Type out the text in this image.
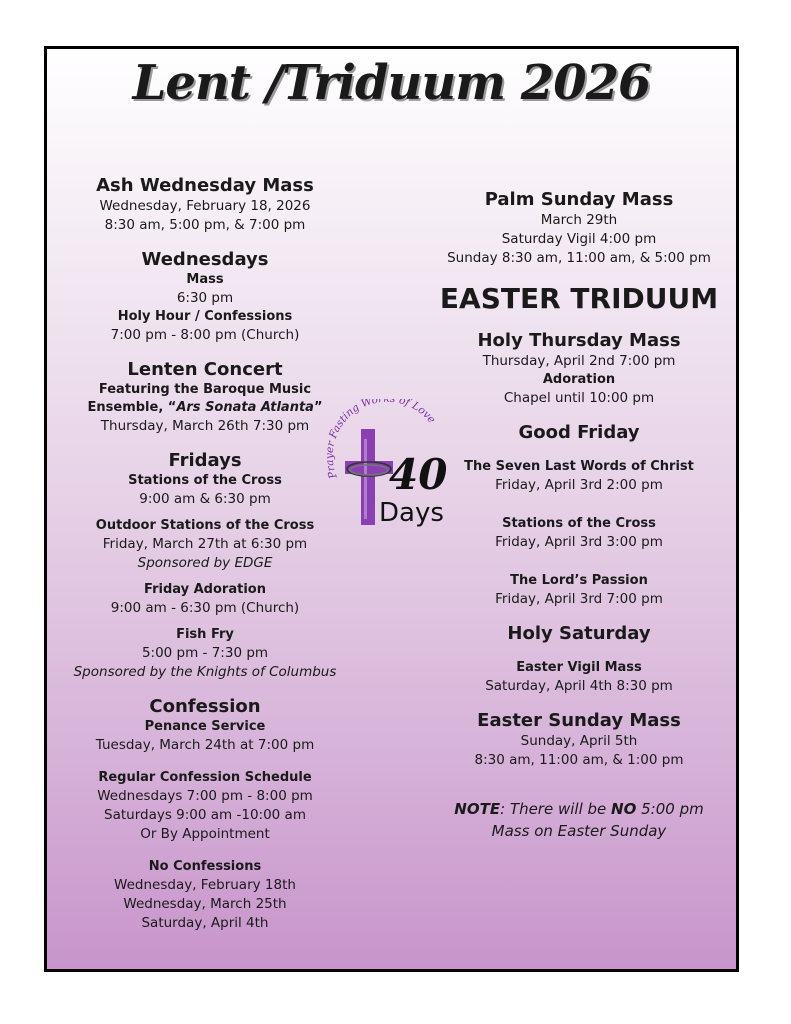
Lent /Triduum 2026

Ash Wednesday Mass

Wednesday, February 18, 2026

8:30 am, 5:00 pm, & 7:00 pm

Wednesdays

Mass

6:30 pm

Holy Hour / Confessions

7:00 pm - 8:00 pm (Church)

Lenten Concert

Featuring the Baroque Music

Ensemble, “Ars Sonata Atlanta”

Thursday, March 26th 7:30 pm

Fridays

Stations of the Cross

9:00 am & 6:30 pm

Outdoor Stations of the Cross

Friday, March 27th at 6:30 pm

Sponsored by EDGE

Friday Adoration

9:00 am - 6:30 pm (Church)

Fish Fry

5:00 pm - 7:30 pm

Sponsored by the Knights of Columbus

Confession

Penance Service

Tuesday, March 24th at 7:00 pm

Regular Confession Schedule

Wednesdays 7:00 pm - 8:00 pm

Saturdays 9:00 am -10:00 am

Or By Appointment

No Confessions

Wednesday, February 18th

Wednesday, March 25th

Saturday, April 4th

P Fasting Wor s of Love
40
Days

Palm Sunday Mass

March 29th

Saturday Vigil 4:00 pm

Sunday 8:30 am, 11:00 am, & 5:00 pm

EASTER TRIDUUM

Holy Thursday Mass

Thursday, April 2nd 7:00 pm

Adoration

Chapel until 10:00 pm

Good Friday

The Seven Last Words of Christ

Friday, April 3rd 2:00 pm

Stations of the Cross

Friday, April 3rd 3:00 pm

The Lord’s Passion

Friday, April 3rd 7:00 pm

Holy Saturday

Easter Vigil Mass

Saturday, April 4th 8:30 pm

Easter Sunday Mass

Sunday, April 5th

8:30 am, 11:00 am, & 1:00 pm

NOTE: There will be NO 5:00 pm

Mass on Easter Sunday
